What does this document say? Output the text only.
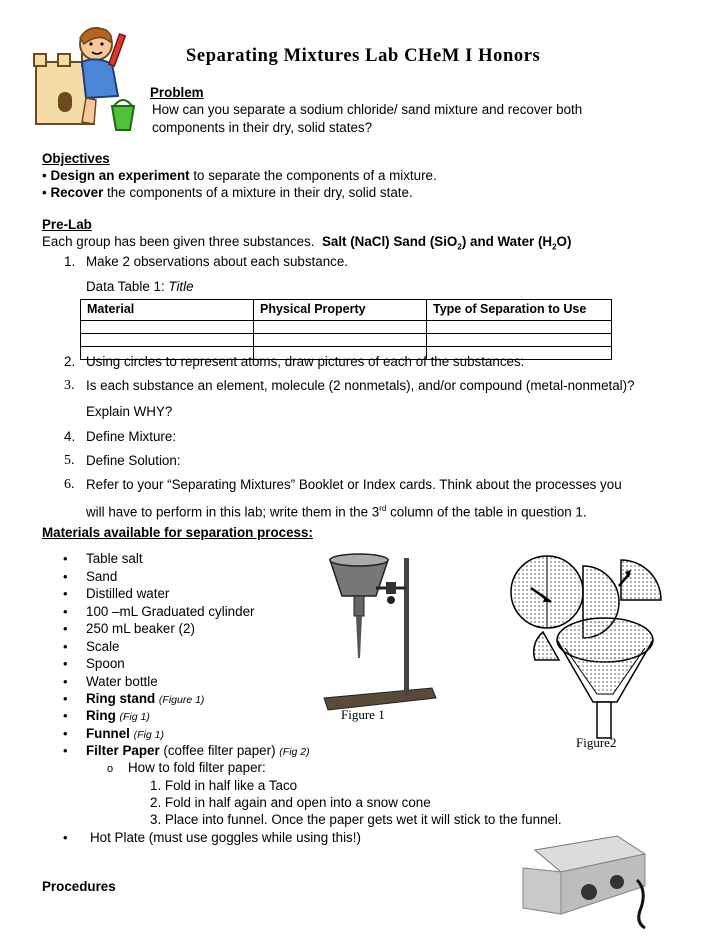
Separating Mixtures Lab CHeM I Honors
Problem
How can you separate a sodium chloride/ sand mixture and recover both
components in their dry, solid states?
Objectives
• Design an experiment to separate the components of a mixture.
• Recover the components of a mixture in their dry, solid state.
Pre-Lab
Each group has been given three substances. Salt (NaCl) Sand (SiO$_2$) and Water $(H_2O)$
1. Make 2 observations about each substance.
Data Table 1: Title
Material	Physical Property	Type of Separation to Use

2. Using circles to represent atoms, draw pictures of each of the substances:
3. Is each substance an element, molecule (2 nonmetals), and/or compound (metal-nonmetal)?
Explain WHY?
4. Define Mixture:
5. Define Solution:
6. Refer to your “Separating Mixtures” Booklet or Index cards. Think about the processes you
will have to perform in this lab; write them in the 3rd column of the table in question 1.
Materials available for separation process:
• Table salt
• Sand
• Distilled water
• 100 –mL Graduated cylinder
• 250 mL beaker (2)
• Scale
• Spoon
• Water bottle
• Ring stand (Figure 1)
• Ring (Fig 1)
• Funnel (Fig 1)
• Filter Paper (coffee filter paper) (Fig 2)
o How to fold filter paper:
1. Fold in half like a Taco
2. Fold in half again and open into a snow cone
3. Place into funnel. Once the paper gets wet it will stick to the funnel.
• Hot Plate (must use goggles while using this!)
Procedures
Figure 1
Figure2
